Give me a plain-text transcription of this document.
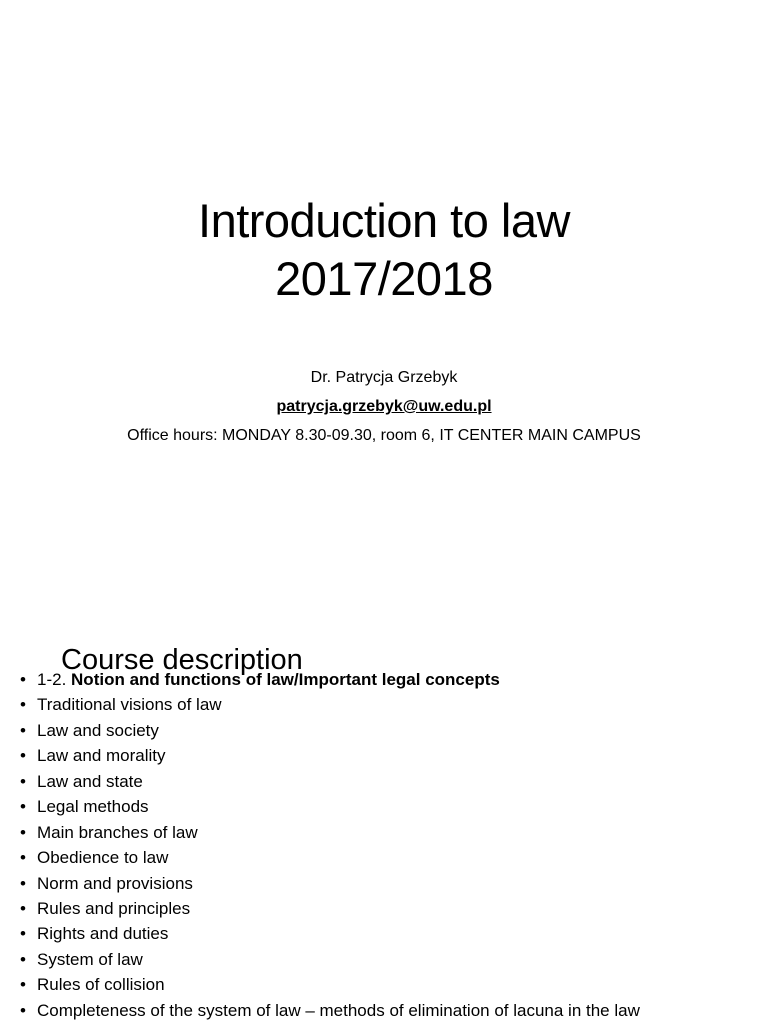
Introduction to law
2017/2018
Dr. Patrycja Grzebyk
patrycja.grzebyk@uw.edu.pl
Office hours: MONDAY 8.30-09.30, room 6, IT CENTER MAIN CAMPUS
Course description
• 1-2. Notion and functions of law/Important legal concepts
• Traditional visions of law
• Law and society
• Law and morality
• Law and state
• Legal methods
• Main branches of law
• Obedience to law
• Norm and provisions
• Rules and principles
• Rights and duties
• System of law
• Rules of collision
• Completeness of the system of law – methods of elimination of lacuna in the law
